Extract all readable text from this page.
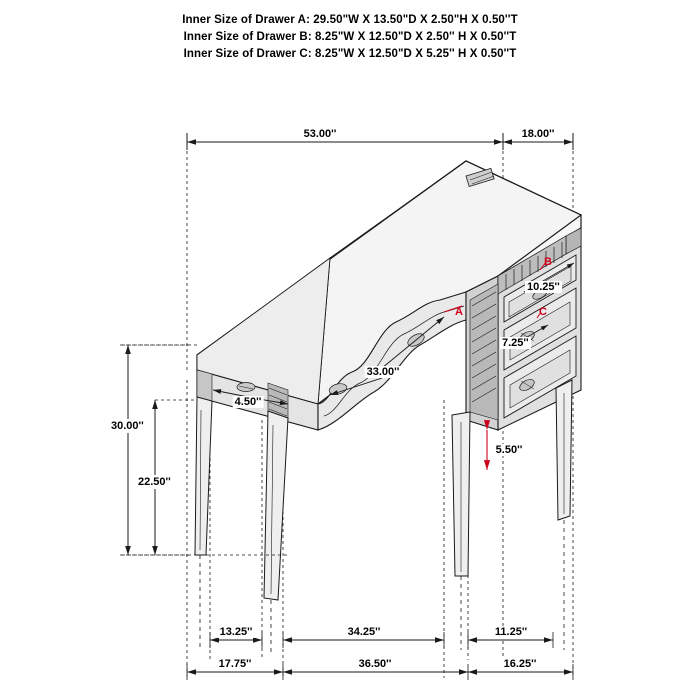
Inner Size of Drawer A: 29.50"W X 13.50"D X 2.50"H X 0.50''T
Inner Size of Drawer B: 8.25"W X 12.50"D X 2.50'' H X 0.50''T
Inner Size of Drawer C: 8.25"W X 12.50"D X 5.25'' H X 0.50''T
53.00''	18.00''
10.25''
7.25''
33.00''
4.50''
5.50''
30.00''
22.50''
13.25''	34.25''	11.25''
17.75''	36.50''	16.25''
A
B
C
